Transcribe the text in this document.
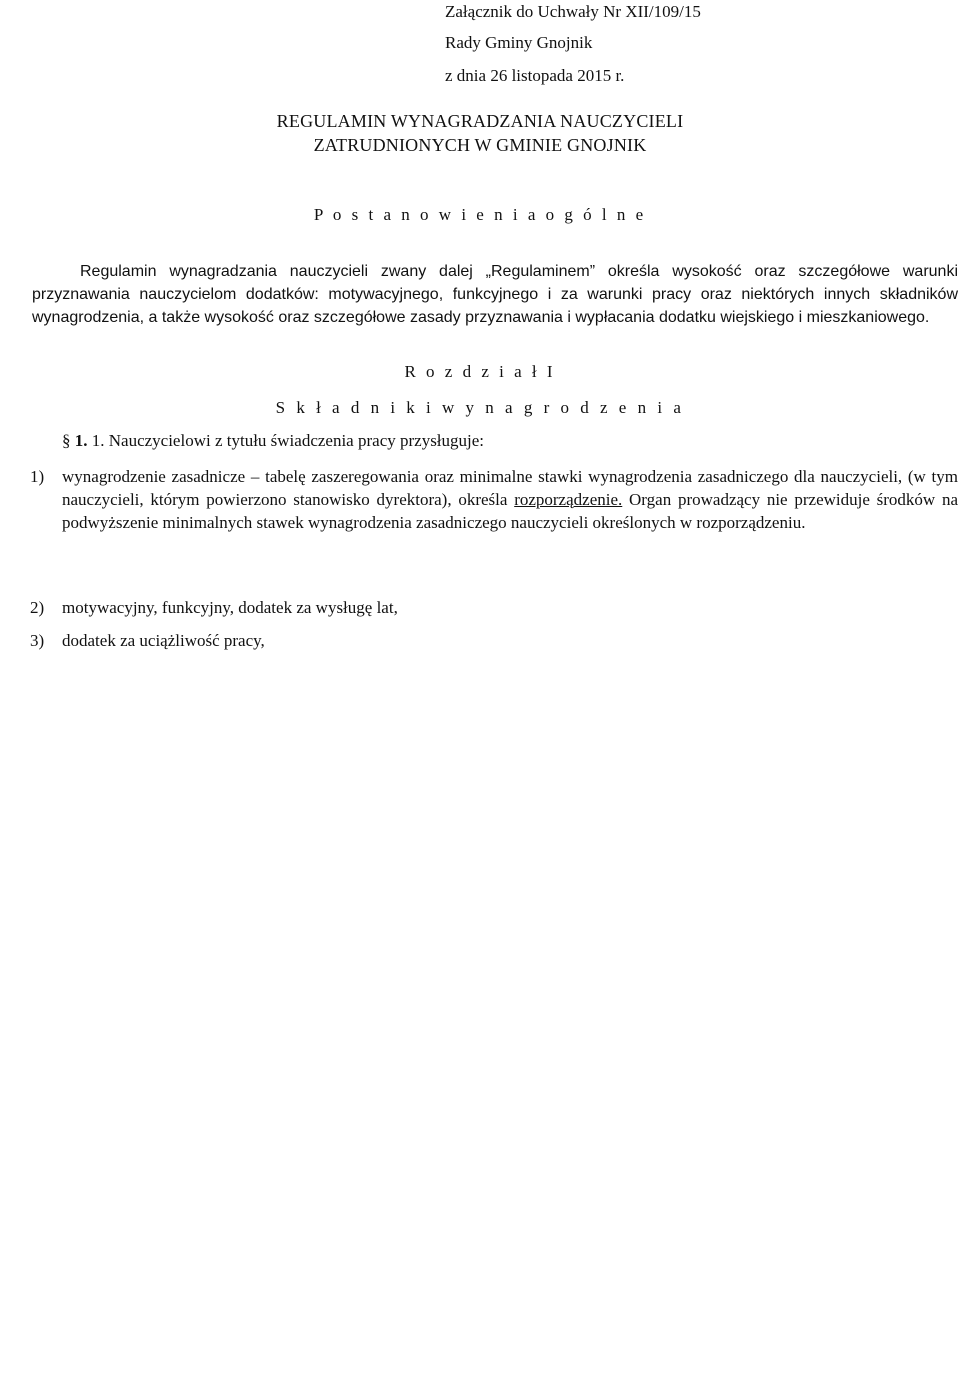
Załącznik do Uchwały Nr XII/109/15
Rady Gminy Gnojnik
z dnia 26 listopada 2015 r.
REGULAMIN WYNAGRADZANIA NAUCZYCIELI
ZATRUDNIONYCH W GMINIE GNOJNIK
P o s t a n o w i e n i a o g ó l n e
Regulamin wynagradzania nauczycieli zwany dalej „Regulaminem” określa wysokość oraz szczegółowe warunki przyznawania nauczycielom dodatków: motywacyjnego, funkcyjnego i za warunki pracy oraz niektórych innych składników wynagrodzenia, a także wysokość oraz szczegółowe zasady przyznawania i wypłacania dodatku wiejskiego i mieszkaniowego.
R o z d z i a ł I
S k ł a d n i k i w y n a g r o d z e n i a
§ 1. 1. Nauczycielowi z tytułu świadczenia pracy przysługuje:
1) wynagrodzenie zasadnicze – tabelę zaszeregowania oraz minimalne stawki wynagrodzenia zasadniczego dla nauczycieli, (w tym nauczycieli, którym powierzono stanowisko dyrektora), określa rozporządzenie. Organ prowadzący nie przewiduje środków na podwyższenie minimalnych stawek wynagrodzenia zasadniczego nauczycieli określonych w rozporządzeniu.
2) motywacyjny, funkcyjny, dodatek za wysługę lat,
3) dodatek za uciążliwość pracy,
